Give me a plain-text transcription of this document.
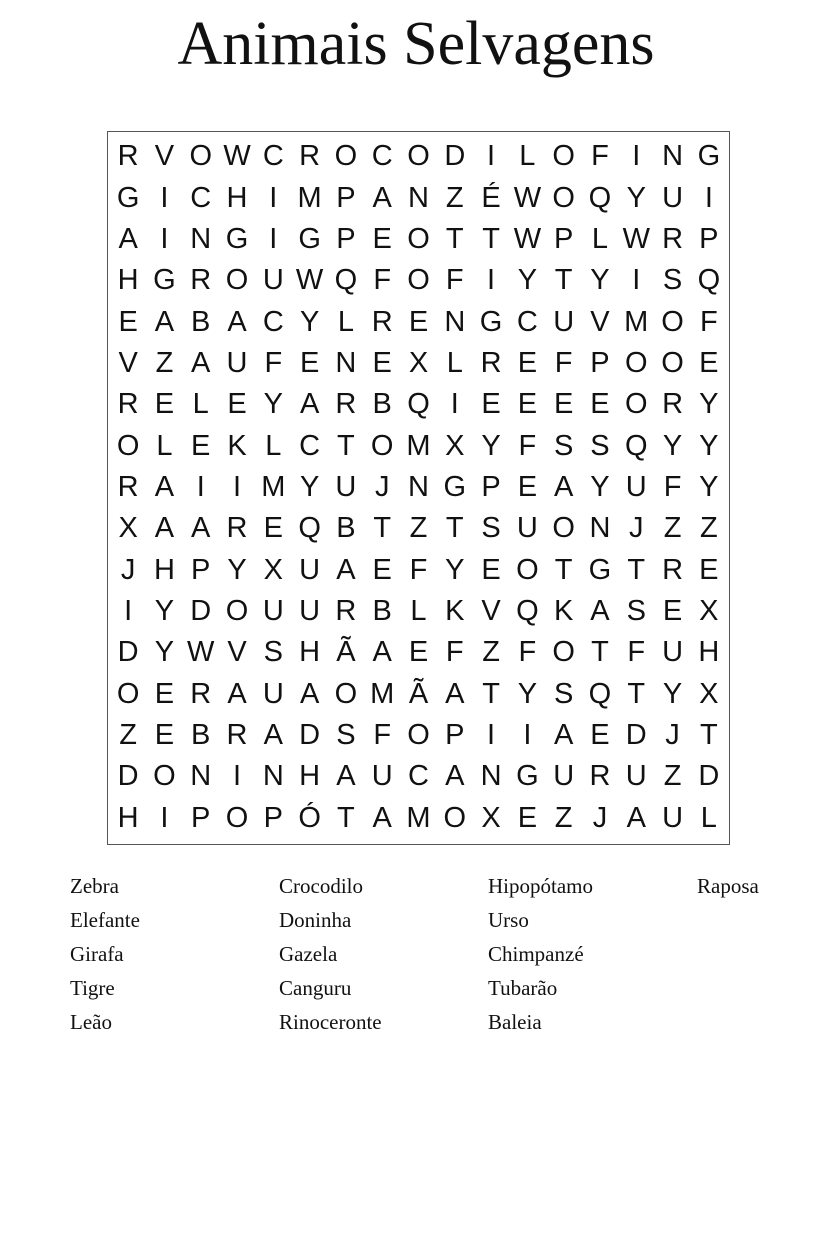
Animais Selvagens
R V O W C R O C O D I L O F I N G
G I C H I M P A N Z É W O Q Y U I
A I N G I G P E O T T W P L W R P
H G R O U W Q F O F I Y T Y I S Q
E A B A C Y L R E N G C U V M O F
V Z A U F E N E X L R E F P O O E
R E L E Y A R B Q I E E E E O R Y
O L E K L C T O M X Y F S S Q Y Y
R A I I M Y U J N G P E A Y U F Y
X A A R E Q B T Z T S U O N J Z Z
J H P Y X U A E F Y E O T G T R E
I Y D O U U R B L K V Q K A S E X
D Y W V S H Ã A E F Z F O T F U H
O E R A U A O M Ã A T Y S Q T Y X
Z E B R A D S F O P I I A E D J T
D O N I N H A U C A N G U R U Z D
H I P O P Ó T A M O X E Z J A U L
Zebra
Elefante
Girafa
Tigre
Leão
Crocodilo
Doninha
Gazela
Canguru
Rinoceronte
Hipopótamo
Urso
Chimpanzé
Tubarão
Baleia
Raposa
